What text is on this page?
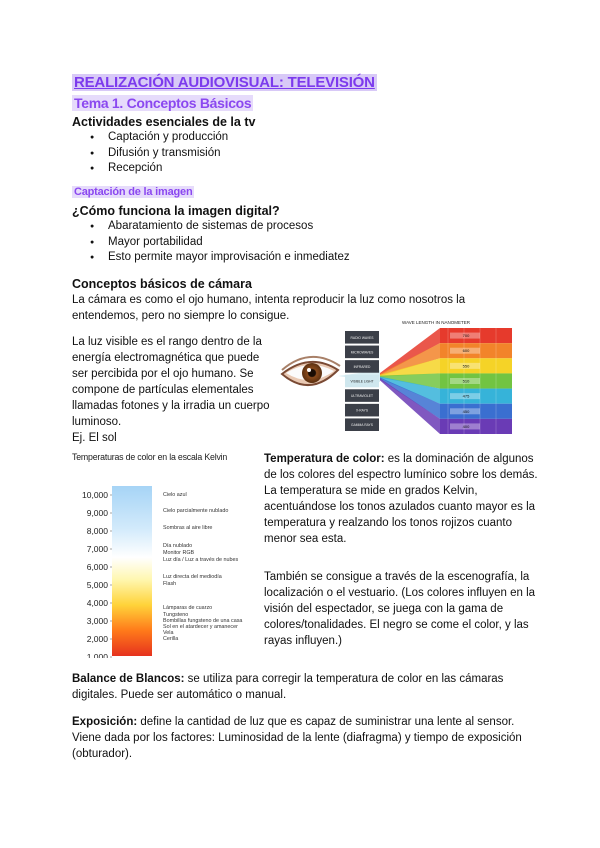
REALIZACIÓN AUDIOVISUAL: TELEVISIÓN
Tema 1. Conceptos Básicos
Actividades esenciales de la tv
● Captación y producción
● Difusión y transmisión
● Recepción
Captación de la imagen
¿Cómo funciona la imagen digital?
● Abaratamiento de sistemas de procesos
● Mayor portabilidad
● Esto permite mayor improvisación e inmediatez
Conceptos básicos de cámara

La cámara es como el ojo humano, intenta reproducir la luz como nosotros la entendemos, pero no siempre lo consigue.

La luz visible es el rango dentro de la

energía electromagnética que puede

ser percibida por el ojo humano. Se

compone de partículas elementales

llamadas fotones y la irradia un cuerpo

luminoso.

Ej. El sol

RADIO WAVES
MICROWAVES
INFRARED
VISIBLE LIGHT
ULTRAVIOLET
X-RAYS
GAMMA RAYS
WAVE LENGTH IN NANOMETER
700
600
550
510
475
450
400
Temperaturas de color en la escala Kelvin
10,000
9,000
8,000
7,000
6,000
5,000
4,000
3,000
2,000
1,000
Cielo azul
Cielo parcialmente nublado
Sombras al aire libre
Día nublado
Monitor RGB
Luz día / Luz a través de nubes
Luz directa del mediodía
Flash
Lámparas de cuarzo
Tungsteno
Bombillas fungsteno de una casa
Sol en el atardecer y amanecer
Vela
Cerilla

Temperatura de color: es la dominación de algunos

de los colores del espectro lumínico sobre los demás.

La temperatura se mide en grados Kelvin,

acentuándose los tonos azulados cuanto mayor es la

temperatura y realzando los tonos rojizos cuanto

menor sea esta.

También se consigue a través de la escenografía, la

localización o el vestuario. (Los colores influyen en la

visión del espectador, se juega con la gama de

colores/tonalidades. El negro se come el color, y las

rayas influyen.)

Balance de Blancos: se utiliza para corregir la temperatura de color en las cámaras digitales. Puede ser automático o manual.

Exposición: define la cantidad de luz que es capaz de suministrar una lente al sensor. Viene dada por los factores: Luminosidad de la lente (diafragma) y tiempo de exposición (obturador).
